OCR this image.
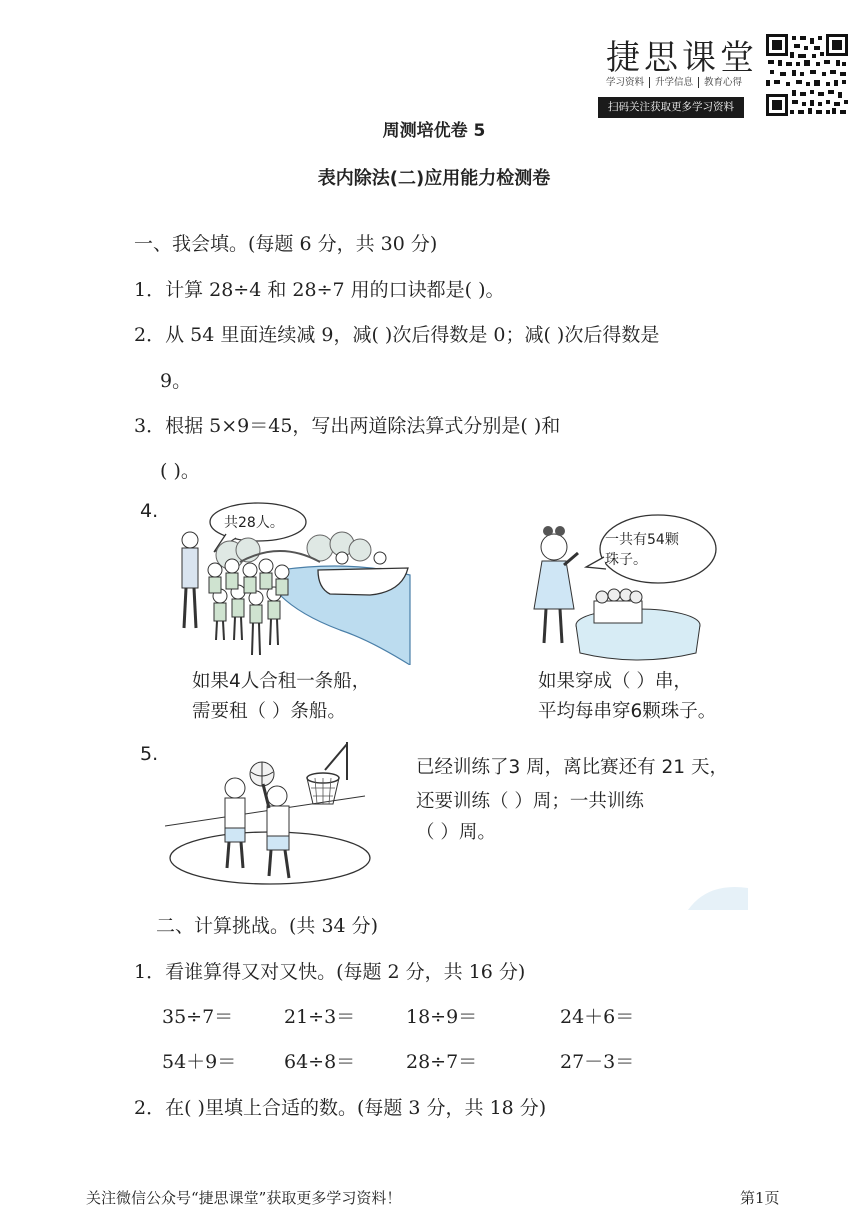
捷思课堂
学习资料 升学信息 教育心得
扫码关注获取更多学习资料
周测培优卷 5
表内除法(二)应用能力检测卷
一、我会填。(每题 6 分，共 30 分)
1．计算 28÷4 和 28÷7 用的口诀都是( )。
2．从 54 里面连续减 9，减( )次后得数是 0；减( )次后得数是
9。
3．根据 5×9＝45，写出两道除法算式分别是( )和
( )。
4.
共28人。
如果4人合租一条船，
需要租（ ）条船。
一共有54颗
珠子。
如果穿成（ ）串，
平均每串穿6颗珠子。
5.
已经训练了3 周，离比赛还有 21 天，
还要训练（ ）周；一共训练
（ ）周。
二、计算挑战。(共 34 分)
1．看谁算得又对又快。(每题 2 分，共 16 分)
35÷7＝	21÷3＝	18÷9＝	24＋6＝
54＋9＝	64÷8＝	28÷7＝	27－3＝
2．在( )里填上合适的数。(每题 3 分，共 18 分)
关注微信公众号“捷思课堂”获取更多学习资料！	第1页
